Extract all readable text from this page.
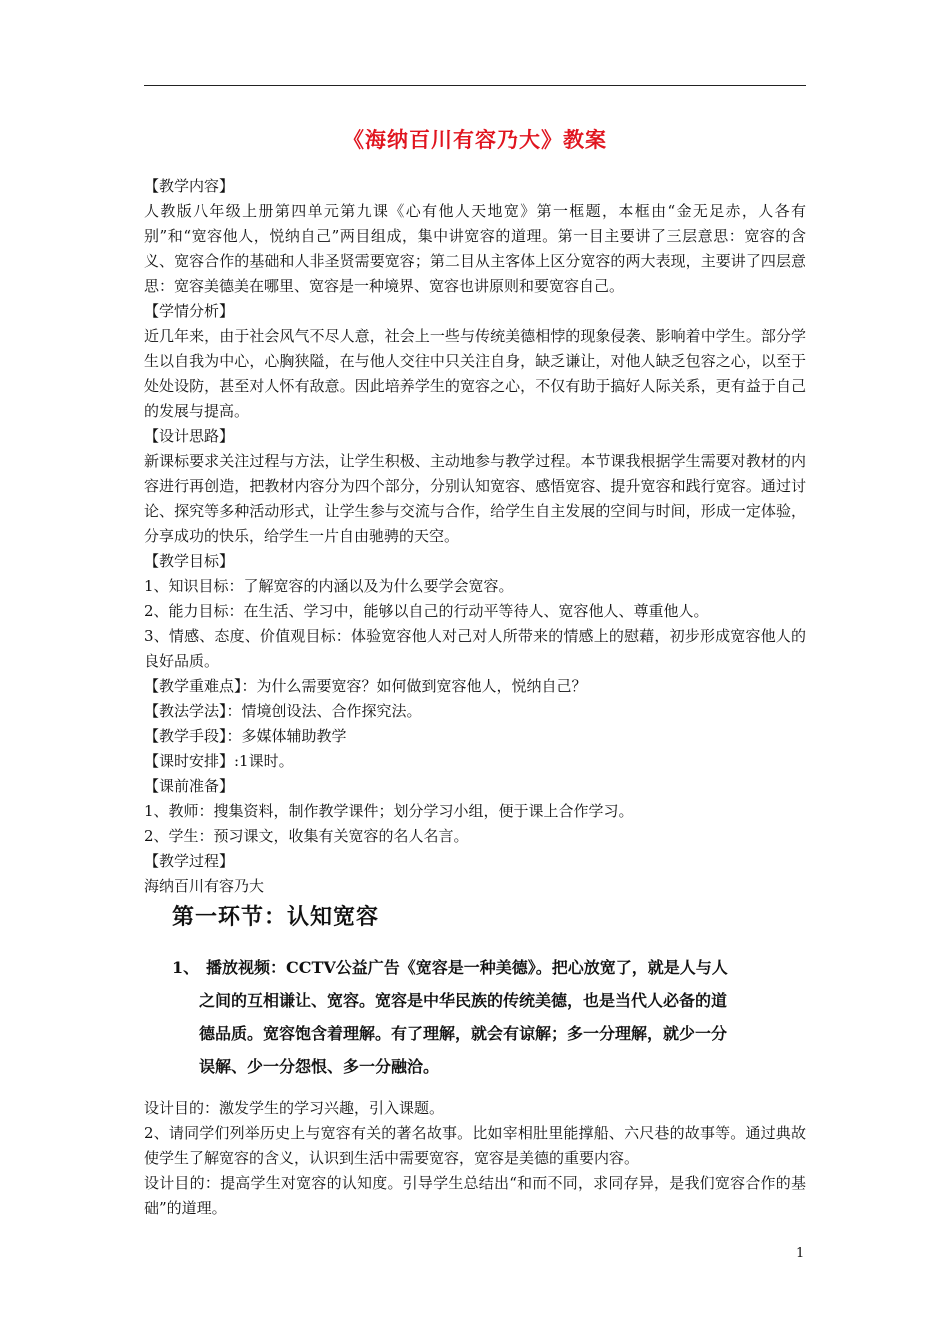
《海纳百川有容乃大》教案

【教学内容】

人教版八年级上册第四单元第九课《心有他人天地宽》第一框题，本框由“金无足赤，人各有别”和“宽容他人，悦纳自己”两目组成，集中讲宽容的道理。第一目主要讲了三层意思：宽容的含义、宽容合作的基础和人非圣贤需要宽容；第二目从主客体上区分宽容的两大表现，主要讲了四层意思：宽容美德美在哪里、宽容是一种境界、宽容也讲原则和要宽容自己。

【学情分析】

近几年来，由于社会风气不尽人意，社会上一些与传统美德相悖的现象侵袭、影响着中学生。部分学生以自我为中心，心胸狭隘，在与他人交往中只关注自身，缺乏谦让，对他人缺乏包容之心，以至于处处设防，甚至对人怀有敌意。因此培养学生的宽容之心，不仅有助于搞好人际关系，更有益于自己的发展与提高。

【设计思路】

新课标要求关注过程与方法，让学生积极、主动地参与教学过程。本节课我根据学生需要对教材的内容进行再创造，把教材内容分为四个部分，分别认知宽容、感悟宽容、提升宽容和践行宽容。通过讨论、探究等多种活动形式，让学生参与交流与合作，给学生自主发展的空间与时间，形成一定体验，分享成功的快乐，给学生一片自由驰骋的天空。

【教学目标】

1、知识目标：了解宽容的内涵以及为什么要学会宽容。

2、能力目标：在生活、学习中，能够以自己的行动平等待人、宽容他人、尊重他人。

3、情感、态度、价值观目标：体验宽容他人对己对人所带来的情感上的慰藉，初步形成宽容他人的良好品质。

【教学重难点】：为什么需要宽容？如何做到宽容他人，悦纳自己？

【教法学法】：情境创设法、合作探究法。

【教学手段】：多媒体辅助教学

【课时安排】:1课时。

【课前准备】

1、教师：搜集资料，制作教学课件；划分学习小组，便于课上合作学习。

2、学生：预习课文，收集有关宽容的名人名言。

【教学过程】

海纳百川有容乃大

第一环节：认知宽容
1、 播放视频：CCTV公益广告《宽容是一种美德》。把心放宽了，就是人与人
之间的互相谦让、宽容。宽容是中华民族的传统美德，也是当代人必备的道
德品质。宽容饱含着理解。有了理解，就会有谅解；多一分理解，就少一分
误解、少一分怨恨、多一分融洽。

设计目的：激发学生的学习兴趣，引入课题。

2、请同学们列举历史上与宽容有关的著名故事。比如宰相肚里能撑船、六尺巷的故事等。通过典故使学生了解宽容的含义，认识到生活中需要宽容，宽容是美德的重要内容。

设计目的：提高学生对宽容的认知度。引导学生总结出“和而不同，求同存异，是我们宽容合作的基础”的道理。

1
